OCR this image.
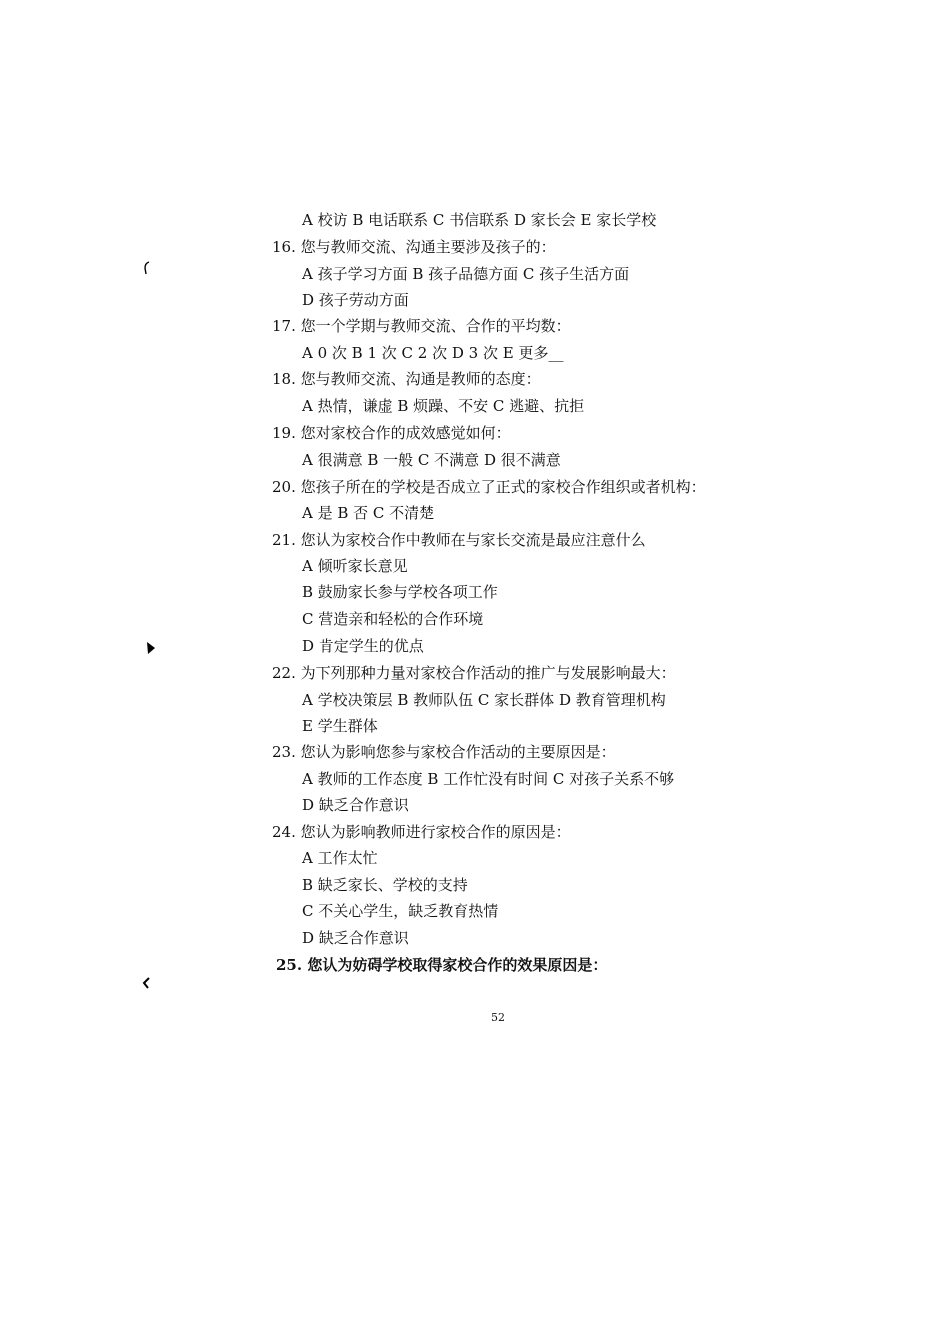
A 校访 B 电话联系 C 书信联系 D 家长会 E 家长学校
16. 您与教师交流、沟通主要涉及孩子的：
A 孩子学习方面 B 孩子品德方面 C 孩子生活方面
D 孩子劳动方面
17. 您一个学期与教师交流、合作的平均数：
A 0 次 B 1 次 C 2 次 D 3 次 E 更多__
18. 您与教师交流、沟通是教师的态度：
A 热情，谦虚 B 烦躁、不安 C 逃避、抗拒
19. 您对家校合作的成效感觉如何：
A 很满意 B 一般 C 不满意 D 很不满意
20. 您孩子所在的学校是否成立了正式的家校合作组织或者机构：
A 是 B 否 C 不清楚
21. 您认为家校合作中教师在与家长交流是最应注意什么
A 倾听家长意见
B 鼓励家长参与学校各项工作
C 营造亲和轻松的合作环境
D 肯定学生的优点
22. 为下列那种力量对家校合作活动的推广与发展影响最大：
A 学校决策层 B 教师队伍 C 家长群体 D 教育管理机构
E 学生群体
23. 您认为影响您参与家校合作活动的主要原因是：
A 教师的工作态度 B 工作忙没有时间 C 对孩子关系不够
D 缺乏合作意识
24. 您认为影响教师进行家校合作的原因是：
A 工作太忙
B 缺乏家长、学校的支持
C 不关心学生，缺乏教育热情
D 缺乏合作意识
25. 您认为妨碍学校取得家校合作的效果原因是：
52
